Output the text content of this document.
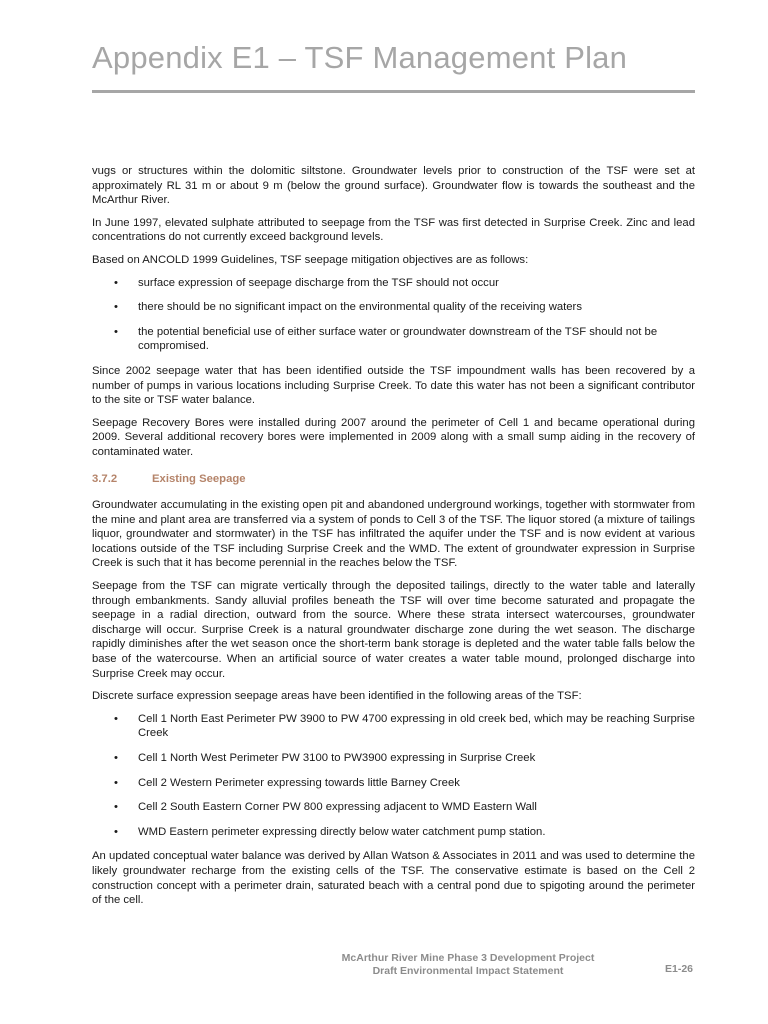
Appendix E1 – TSF Management Plan

vugs or structures within the dolomitic siltstone. Groundwater levels prior to construction of the TSF were set at approximately RL 31 m or about 9 m (below the ground surface). Groundwater flow is towards the southeast and the McArthur River.

In June 1997, elevated sulphate attributed to seepage from the TSF was first detected in Surprise Creek. Zinc and lead concentrations do not currently exceed background levels.

Based on ANCOLD 1999 Guidelines, TSF seepage mitigation objectives are as follows:

• surface expression of seepage discharge from the TSF should not occur
• there should be no significant impact on the environmental quality of the receiving waters
• the potential beneficial use of either surface water or groundwater downstream of the TSF should not be compromised.

Since 2002 seepage water that has been identified outside the TSF impoundment walls has been recovered by a number of pumps in various locations including Surprise Creek. To date this water has not been a significant contributor to the site or TSF water balance.

Seepage Recovery Bores were installed during 2007 around the perimeter of Cell 1 and became operational during 2009. Several additional recovery bores were implemented in 2009 along with a small sump aiding in the recovery of contaminated water.

3.7.2	Existing Seepage

Groundwater accumulating in the existing open pit and abandoned underground workings, together with stormwater from the mine and plant area are transferred via a system of ponds to Cell 3 of the TSF. The liquor stored (a mixture of tailings liquor, groundwater and stormwater) in the TSF has infiltrated the aquifer under the TSF and is now evident at various locations outside of the TSF including Surprise Creek and the WMD. The extent of groundwater expression in Surprise Creek is such that it has become perennial in the reaches below the TSF.

Seepage from the TSF can migrate vertically through the deposited tailings, directly to the water table and laterally through embankments. Sandy alluvial profiles beneath the TSF will over time become saturated and propagate the seepage in a radial direction, outward from the source. Where these strata intersect watercourses, groundwater discharge will occur. Surprise Creek is a natural groundwater discharge zone during the wet season. The discharge rapidly diminishes after the wet season once the short-term bank storage is depleted and the water table falls below the base of the watercourse. When an artificial source of water creates a water table mound, prolonged discharge into Surprise Creek may occur.

Discrete surface expression seepage areas have been identified in the following areas of the TSF:

• Cell 1 North East Perimeter PW 3900 to PW 4700 expressing in old creek bed, which may be reaching Surprise Creek
• Cell 1 North West Perimeter PW 3100 to PW3900 expressing in Surprise Creek
• Cell 2 Western Perimeter expressing towards little Barney Creek
• Cell 2 South Eastern Corner PW 800 expressing adjacent to WMD Eastern Wall
• WMD Eastern perimeter expressing directly below water catchment pump station.

An updated conceptual water balance was derived by Allan Watson & Associates in 2011 and was used to determine the likely groundwater recharge from the existing cells of the TSF. The conservative estimate is based on the Cell 2 construction concept with a perimeter drain, saturated beach with a central pond due to spigoting around the perimeter of the cell.

McArthur River Mine Phase 3 Development Project
Draft Environmental Impact Statement	E1-26
